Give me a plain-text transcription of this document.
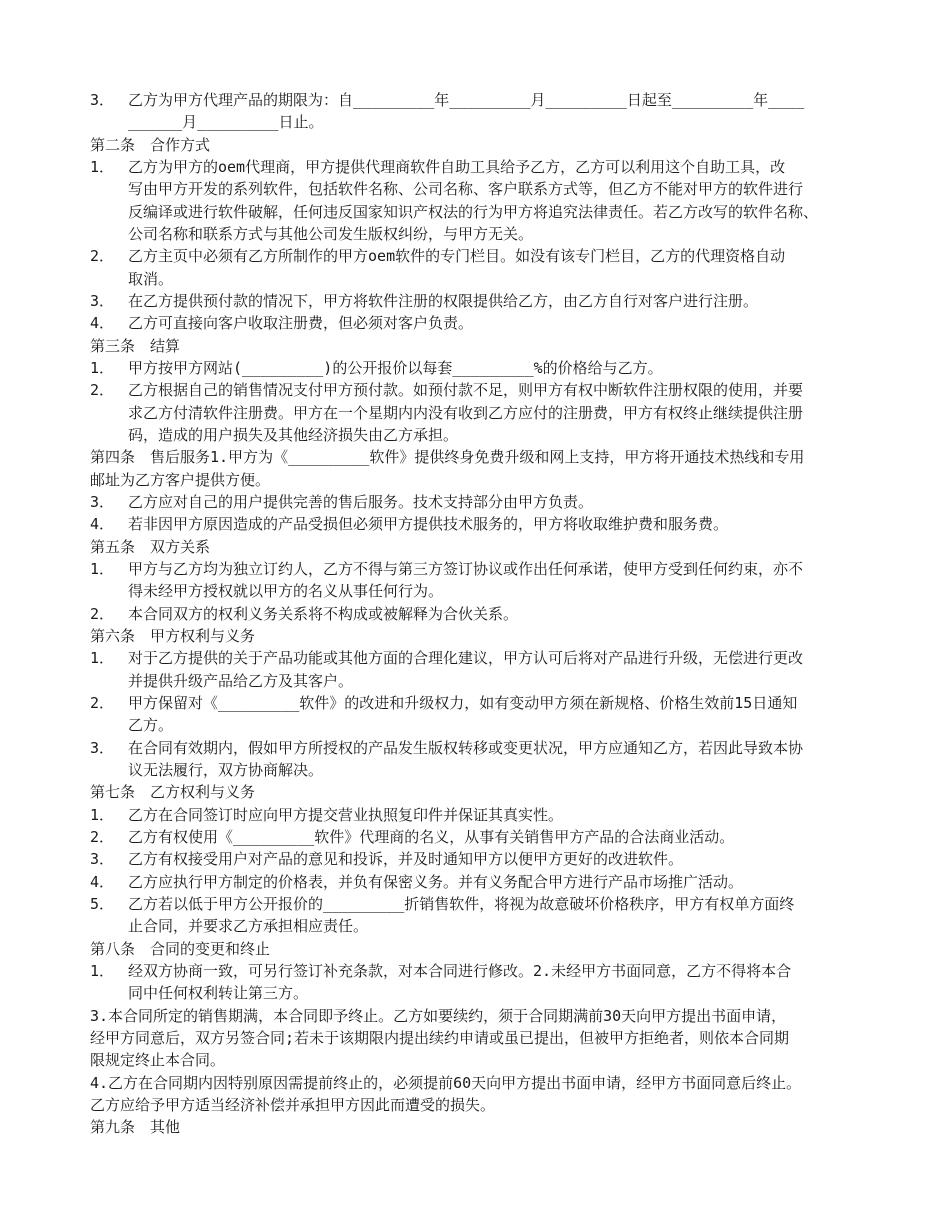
3． 乙方为甲方代理产品的期限为：自_________年_________月_________日起至_________年____
______月_________日止。
第二条　合作方式
1． 乙方为甲方的oem代理商，甲方提供代理商软件自助工具给予乙方，乙方可以利用这个自助工具，改
写由甲方开发的系列软件，包括软件名称、公司名称、客户联系方式等，但乙方不能对甲方的软件进行
反编译或进行软件破解，任何违反国家知识产权法的行为甲方将追究法律责任。若乙方改写的软件名称、
公司名称和联系方式与其他公司发生版权纠纷，与甲方无关。
2． 乙方主页中必须有乙方所制作的甲方oem软件的专门栏目。如没有该专门栏目，乙方的代理资格自动
取消。
3． 在乙方提供预付款的情况下，甲方将软件注册的权限提供给乙方，由乙方自行对客户进行注册。
4． 乙方可直接向客户收取注册费，但必须对客户负责。
第三条　结算
1． 甲方按甲方网站(_________)的公开报价以每套_________%的价格给与乙方。
2． 乙方根据自己的销售情况支付甲方预付款。如预付款不足，则甲方有权中断软件注册权限的使用，并要
求乙方付清软件注册费。甲方在一个星期内内没有收到乙方应付的注册费，甲方有权终止继续提供注册
码，造成的用户损失及其他经济损失由乙方承担。
第四条　售后服务1.甲方为《_________软件》提供终身免费升级和网上支持，甲方将开通技术热线和专用
邮址为乙方客户提供方便。
3． 乙方应对自己的用户提供完善的售后服务。技术支持部分由甲方负责。
4． 若非因甲方原因造成的产品受损但必须甲方提供技术服务的，甲方将收取维护费和服务费。
第五条　双方关系
1． 甲方与乙方均为独立订约人，乙方不得与第三方签订协议或作出任何承诺，使甲方受到任何约束，亦不
得未经甲方授权就以甲方的名义从事任何行为。
2． 本合同双方的权利义务关系将不构成或被解释为合伙关系。
第六条　甲方权利与义务
1． 对于乙方提供的关于产品功能或其他方面的合理化建议，甲方认可后将对产品进行升级，无偿进行更改
并提供升级产品给乙方及其客户。
2． 甲方保留对《_________软件》的改进和升级权力，如有变动甲方须在新规格、价格生效前15日通知
乙方。
3． 在合同有效期内，假如甲方所授权的产品发生版权转移或变更状况，甲方应通知乙方，若因此导致本协
议无法履行，双方协商解决。
第七条　乙方权利与义务
1． 乙方在合同签订时应向甲方提交营业执照复印件并保证其真实性。
2． 乙方有权使用《_________软件》代理商的名义，从事有关销售甲方产品的合法商业活动。
3． 乙方有权接受用户对产品的意见和投诉，并及时通知甲方以便甲方更好的改进软件。
4． 乙方应执行甲方制定的价格表，并负有保密义务。并有义务配合甲方进行产品市场推广活动。
5． 乙方若以低于甲方公开报价的_________折销售软件，将视为故意破坏价格秩序，甲方有权单方面终
止合同，并要求乙方承担相应责任。
第八条　合同的变更和终止
1． 经双方协商一致，可另行签订补充条款，对本合同进行修改。2.未经甲方书面同意，乙方不得将本合
同中任何权利转让第三方。
3.本合同所定的销售期满，本合同即予终止。乙方如要续约，须于合同期满前30天向甲方提出书面申请，
经甲方同意后，双方另签合同;若未于该期限内提出续约申请或虽已提出，但被甲方拒绝者，则依本合同期
限规定终止本合同。
4.乙方在合同期内因特别原因需提前终止的，必须提前60天向甲方提出书面申请，经甲方书面同意后终止。
乙方应给予甲方适当经济补偿并承担甲方因此而遭受的损失。
第九条　其他
